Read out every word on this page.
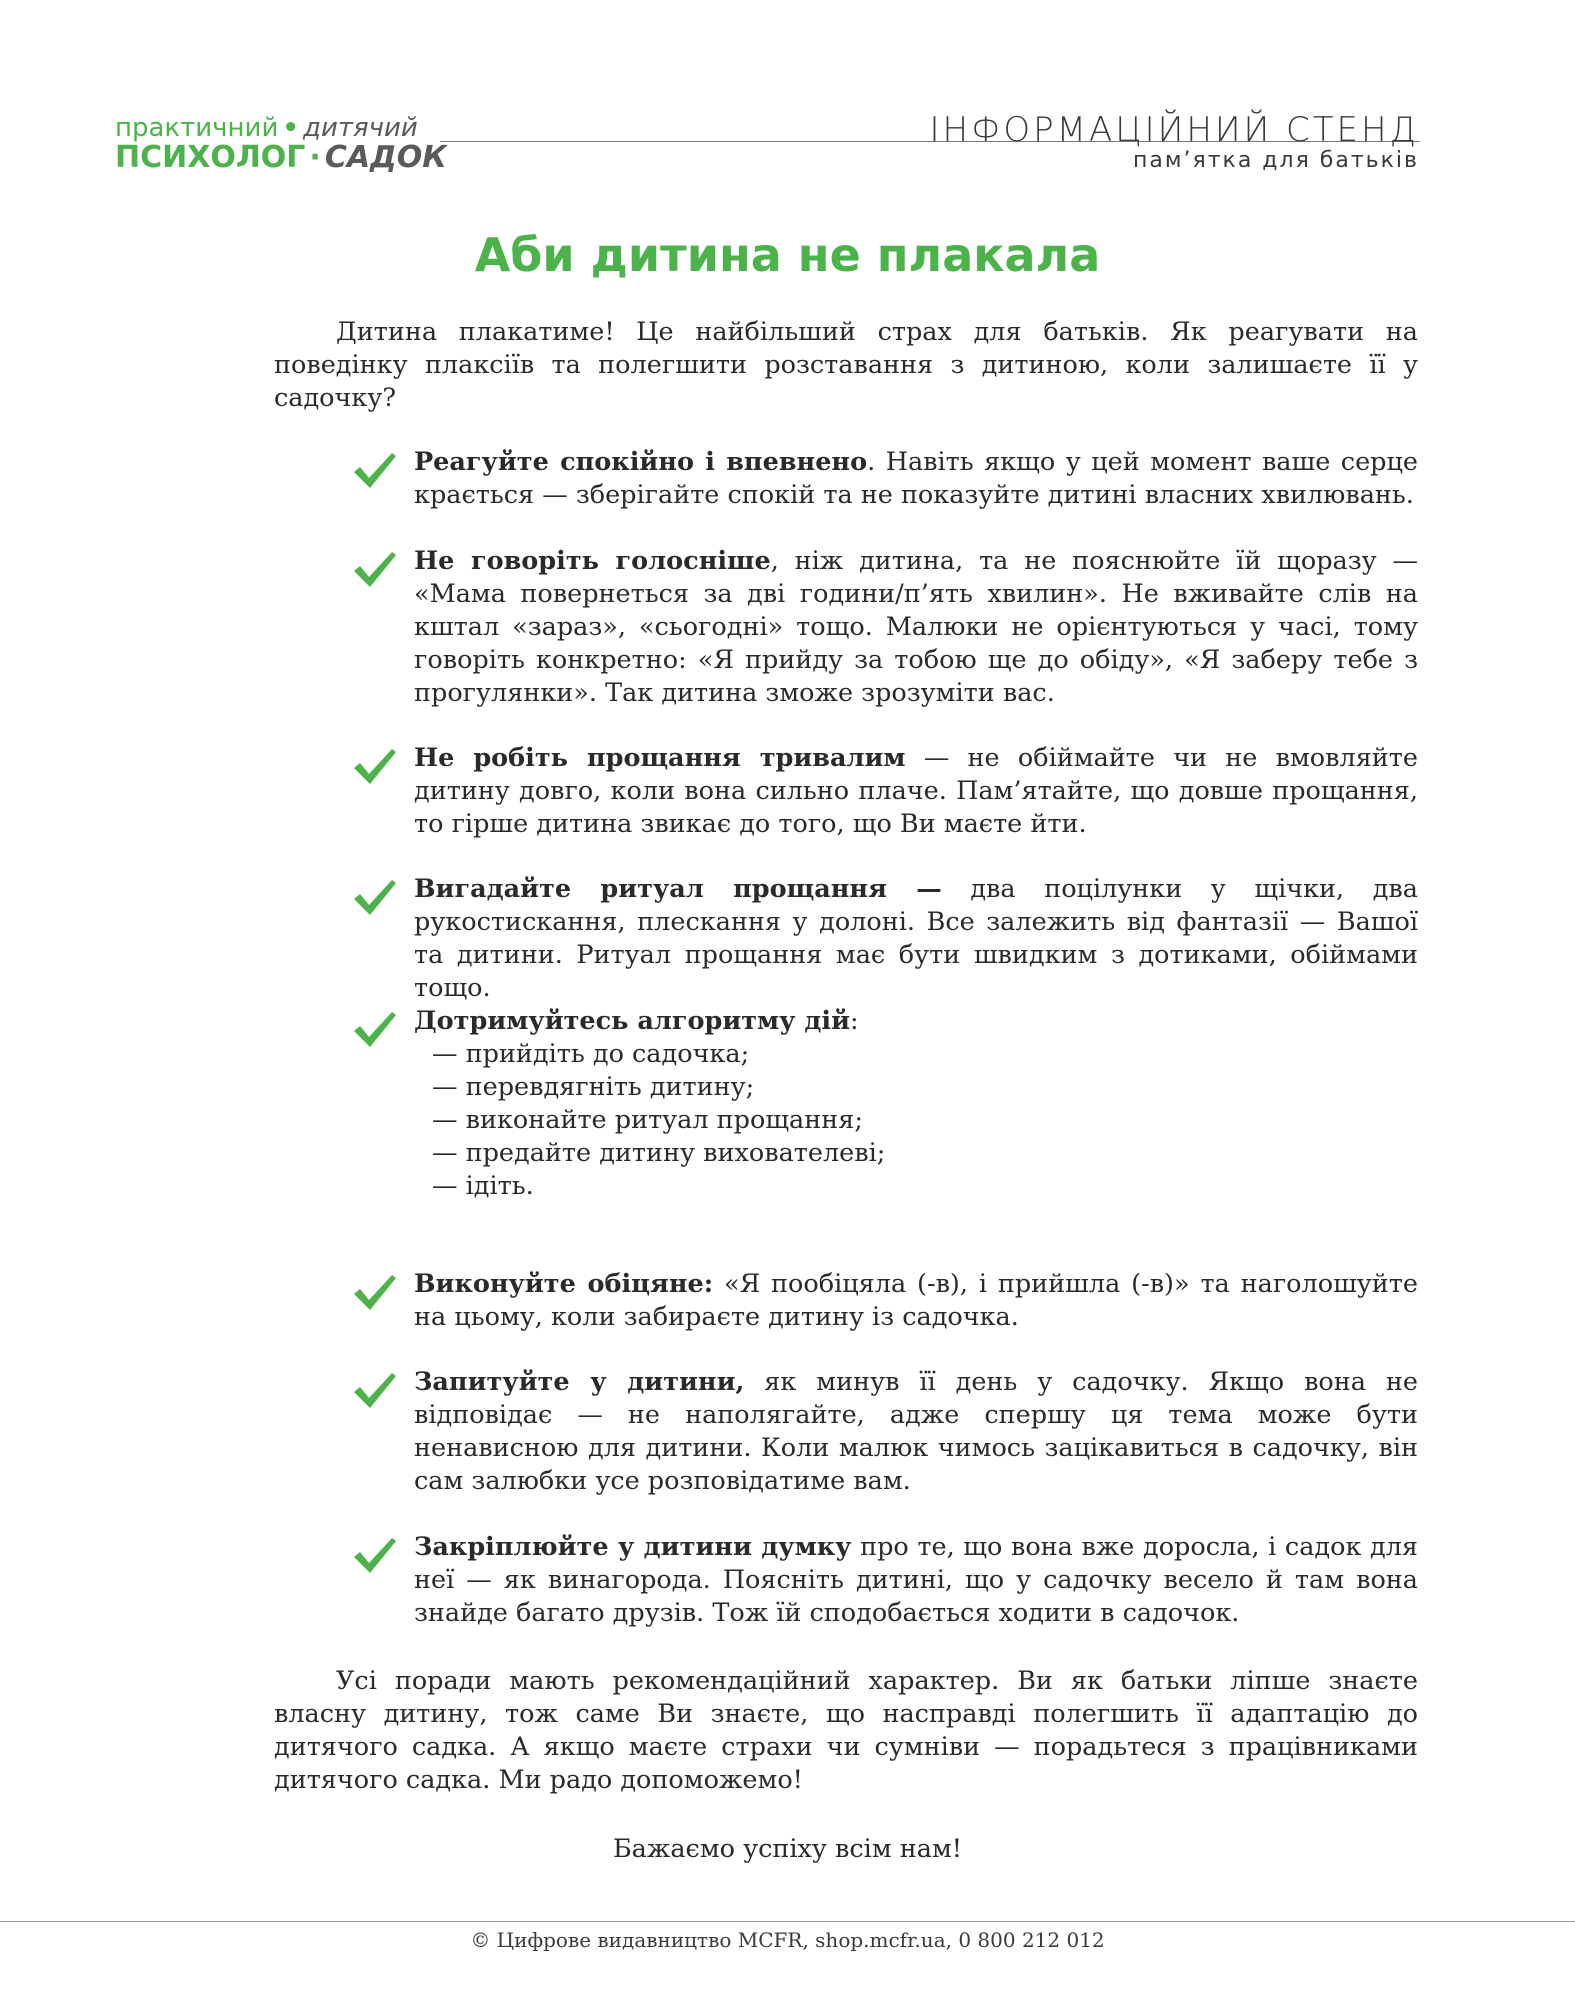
практичний • дитячий
ПСИХОЛОГ · САДОК
ІНФОРМАЦІЙНИЙ СТЕНД
пам’ятка для батьків
Аби дитина не плакала

Дитина плакатиме! Це найбільший страх для батьків. Як реагувати на поведінку плаксіїв та полегшити розставання з дитиною, коли залишаєте її у садочку?

Реагуйте спокійно і впевнено. Навіть якщо у цей момент ваше серце крається — зберігайте спокій та не показуйте дитині власних хвилювань.
Не говоріть голосніше, ніж дитина, та не пояснюйте їй щоразу — «Мама повернеться за дві години/п’ять хвилин». Не вживайте слів на кштал «зараз», «сьогодні» тощо. Малюки не орієнтуються у часі, тому говоріть конкретно: «Я прийду за тобою ще до обіду», «Я заберу тебе з прогулянки». Так дитина зможе зрозуміти вас.
Не робіть прощання тривалим — не обіймайте чи не вмовляйте дитину довго, коли вона сильно плаче. Пам’ятайте, що довше прощання, то гірше дитина звикає до того, що Ви маєте йти.
Вигадайте ритуал прощання — два поцілунки у щічки, два рукостискання, плескання у долоні. Все залежить від фантазії — Вашої та дитини. Ритуал прощання має бути швидким з дотиками, обіймами тощо.
Дотримуйтесь алгоритму дій:
— прийдіть до садочка;
— перевдягніть дитину;
— виконайте ритуал прощання;
— предайте дитину вихователеві;
— ідіть.
Виконуйте обіцяне: «Я пообіцяла (-в), і прийшла (-в)» та наголошуйте на цьому, коли забираєте дитину із садочка.
Запитуйте у дитини, як минув її день у садочку. Якщо вона не відповідає — не наполягайте, адже спершу ця тема може бути ненависною для дитини. Коли малюк чимось зацікавиться в садочку, він сам залюбки усе розповідатиме вам.
Закріплюйте у дитини думку про те, що вона вже доросла, і садок для неї — як винагорода. Поясніть дитині, що у садочку весело й там вона знайде багато друзів. Тож їй сподобається ходити в садочок.

Усі поради мають рекомендаційний характер. Ви як батьки ліпше знаєте власну дитину, тож саме Ви знаєте, що насправді полегшить її адаптацію до дитячого садка. А якщо маєте страхи чи сумніви — порадьтеся з працівниками дитячого садка. Ми радо допоможемо!

Бажаємо успіху всім нам!

© Цифрове видавництво MCFR, shop.mcfr.ua, 0 800 212 012
